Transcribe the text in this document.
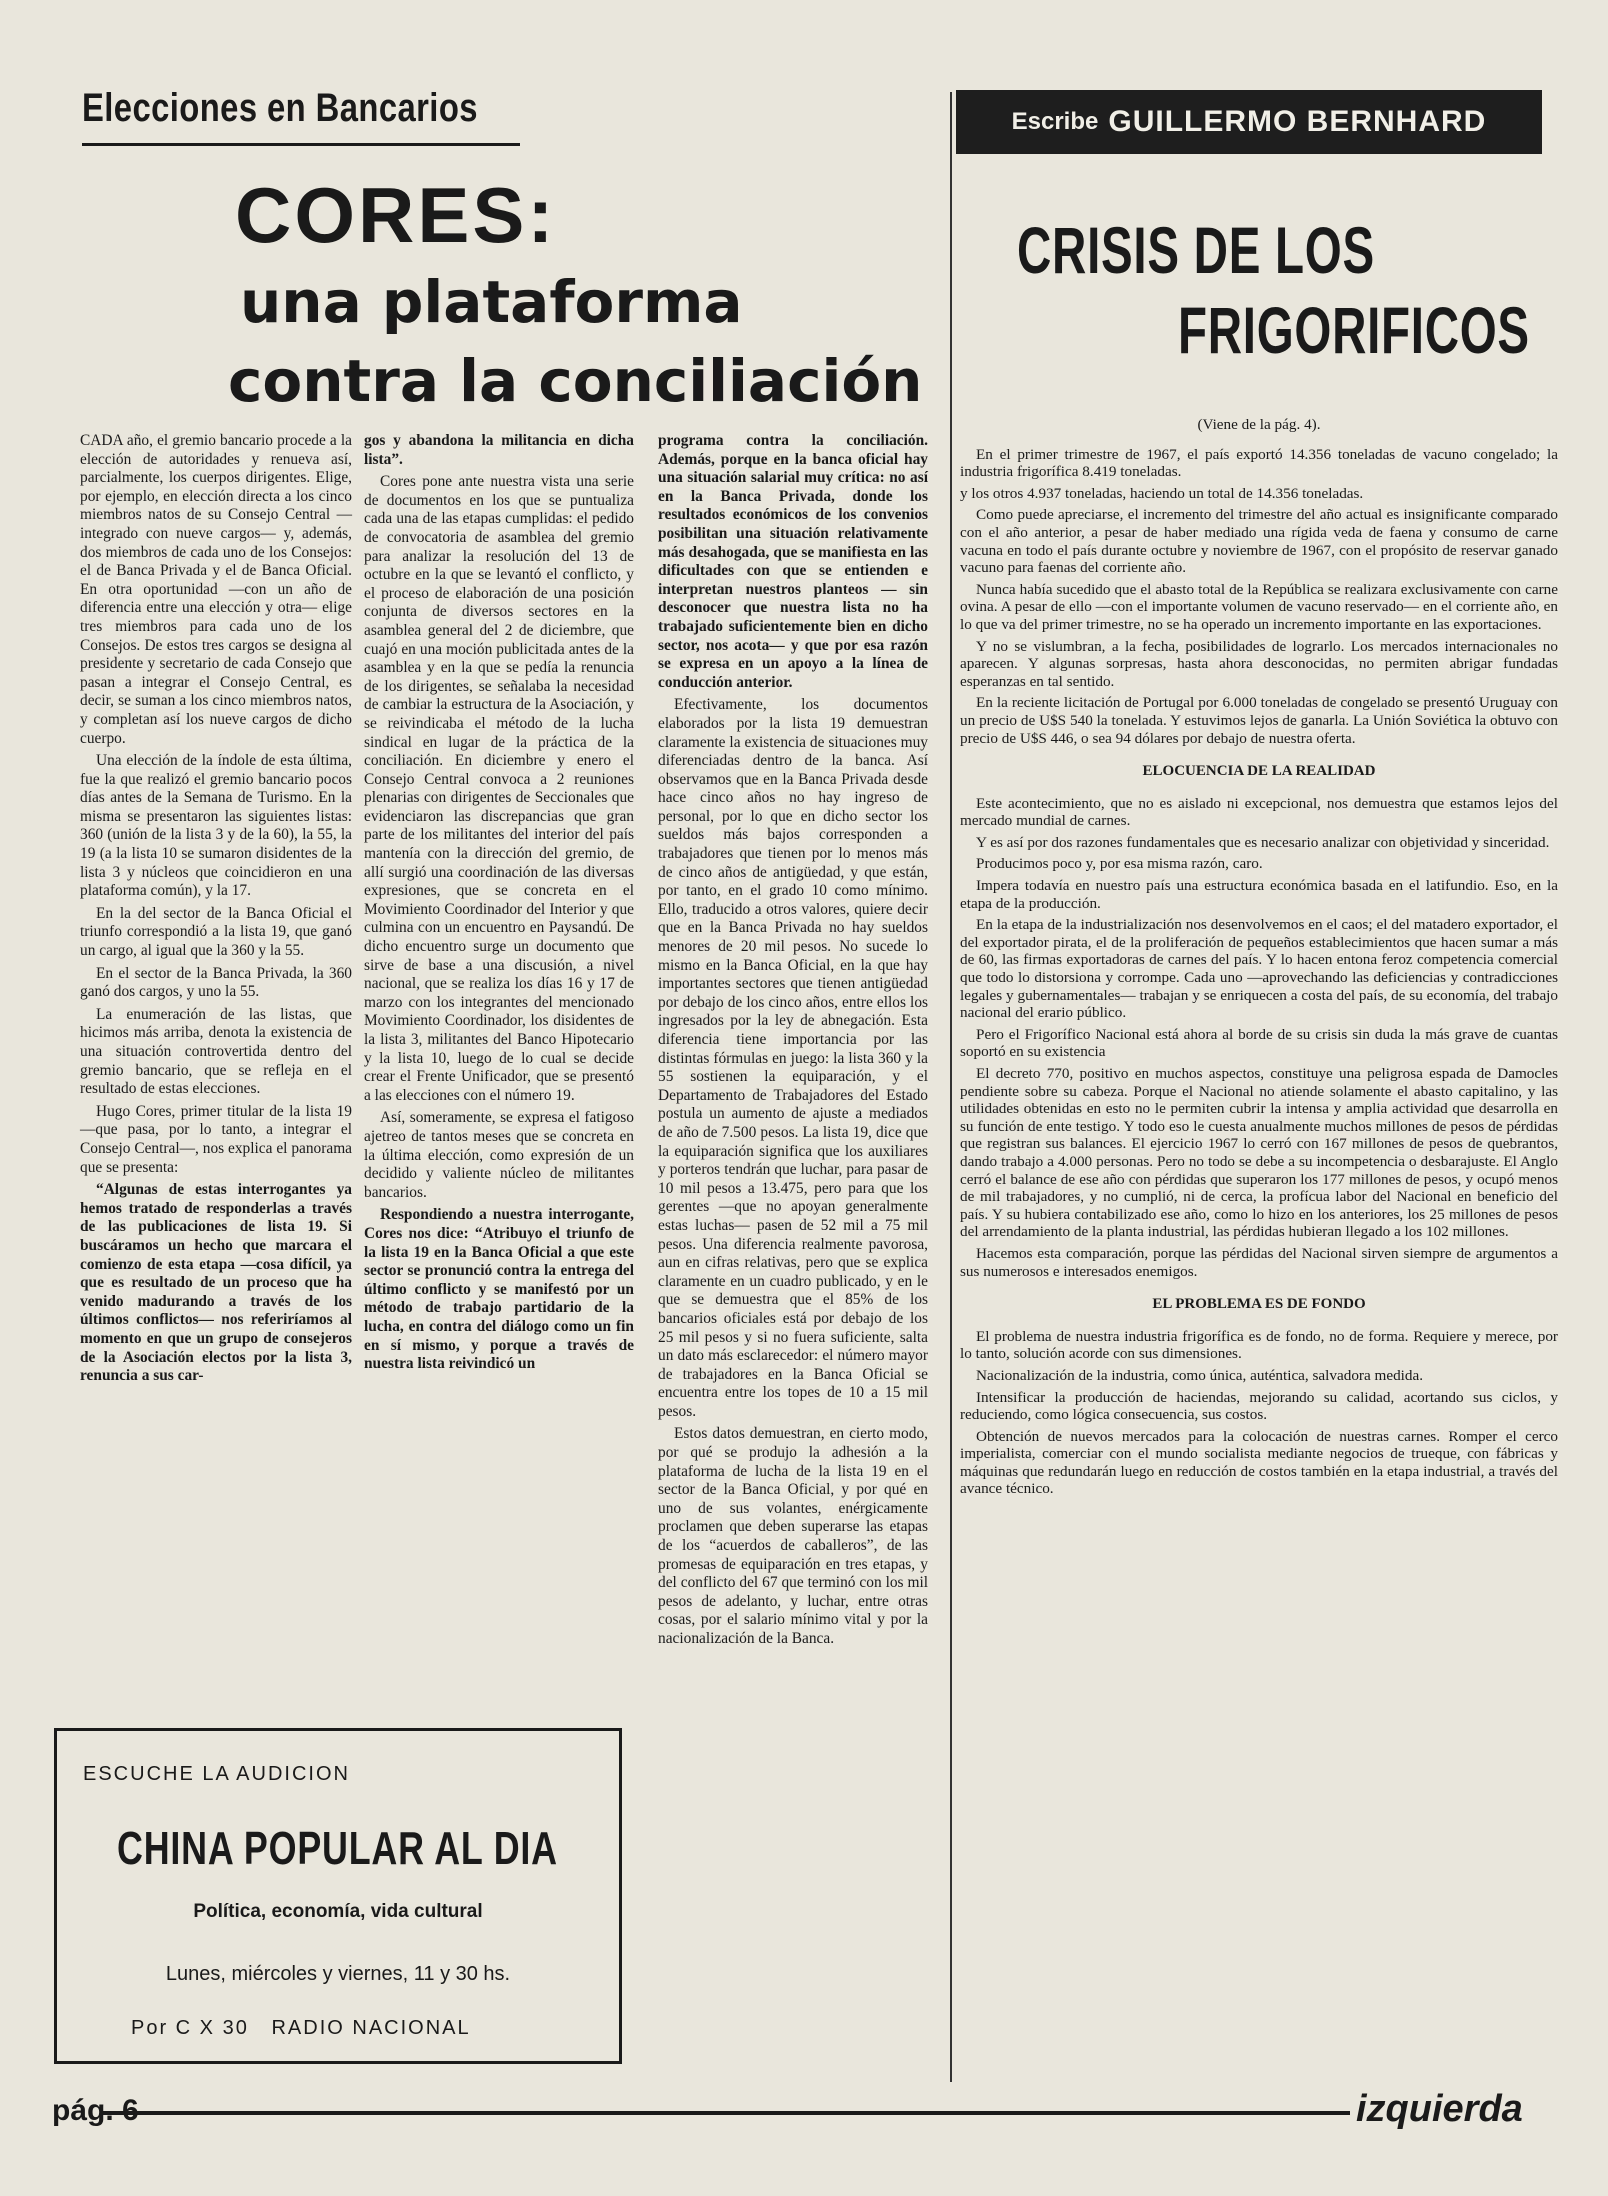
Elecciones en Bancarios
CORES:
una plataforma
contra la conciliación

CADA año, el gremio bancario procede a la elección de autoridades y renueva así, parcialmente, los cuerpos dirigentes. Elige, por ejemplo, en elección directa a los cinco miembros natos de su Consejo Central —integrado con nueve cargos— y, además, dos miembros de cada uno de los Consejos: el de Banca Privada y el de Banca Oficial. En otra oportunidad —con un año de diferencia entre una elección y otra— elige tres miembros para cada uno de los Consejos. De estos tres cargos se designa al presidente y secretario de cada Consejo que pasan a integrar el Consejo Central, es decir, se suman a los cinco miembros natos, y completan así los nueve cargos de dicho cuerpo.

Una elección de la índole de esta última, fue la que realizó el gremio bancario pocos días antes de la Semana de Turismo. En la misma se presentaron las siguientes listas: 360 (unión de la lista 3 y de la 60), la 55, la 19 (a la lista 10 se sumaron disidentes de la lista 3 y núcleos que coincidieron en una plataforma común), y la 17.

En la del sector de la Banca Oficial el triunfo correspondió a la lista 19, que ganó un cargo, al igual que la 360 y la 55.

En el sector de la Banca Privada, la 360 ganó dos cargos, y uno la 55.

La enumeración de las listas, que hicimos más arriba, denota la existencia de una situación controvertida dentro del gremio bancario, que se refleja en el resultado de estas elecciones.

Hugo Cores, primer titular de la lista 19 —que pasa, por lo tanto, a integrar el Consejo Central—, nos explica el panorama que se presenta:

“Algunas de estas interrogantes ya hemos tratado de responderlas a través de las publicaciones de lista 19. Si buscáramos un hecho que marcara el comienzo de esta etapa —cosa difícil, ya que es resultado de un proceso que ha venido madurando a través de los últimos conflictos— nos referiríamos al momento en que un grupo de consejeros de la Asociación electos por la lista 3, renuncia a sus car-

gos y abandona la militancia en dicha lista”.

Cores pone ante nuestra vista una serie de documentos en los que se puntualiza cada una de las etapas cumplidas: el pedido de convocatoria de asamblea del gremio para analizar la resolución del 13 de octubre en la que se levantó el conflicto, y el proceso de elaboración de una posición conjunta de diversos sectores en la asamblea general del 2 de diciembre, que cuajó en una moción publicitada antes de la asamblea y en la que se pedía la renuncia de los dirigentes, se señalaba la necesidad de cambiar la estructura de la Asociación, y se reivindicaba el método de la lucha sindical en lugar de la práctica de la conciliación. En diciembre y enero el Consejo Central convoca a 2 reuniones plenarias con dirigentes de Seccionales que evidenciaron las discrepancias que gran parte de los militantes del interior del país mantenía con la dirección del gremio, de allí surgió una coordinación de las diversas expresiones, que se concreta en el Movimiento Coordinador del Interior y que culmina con un encuentro en Paysandú. De dicho encuentro surge un documento que sirve de base a una discusión, a nivel nacional, que se realiza los días 16 y 17 de marzo con los integrantes del mencionado Movimiento Coordinador, los disidentes de la lista 3, militantes del Banco Hipotecario y la lista 10, luego de lo cual se decide crear el Frente Unificador, que se presentó a las elecciones con el número 19.

Así, someramente, se expresa el fatigoso ajetreo de tantos meses que se concreta en la última elección, como expresión de un decidido y valiente núcleo de militantes bancarios.

Respondiendo a nuestra interrogante, Cores nos dice: “Atribuyo el triunfo de la lista 19 en la Banca Oficial a que este sector se pronunció contra la entrega del último conflicto y se manifestó por un método de trabajo partidario de la lucha, en contra del diálogo como un fin en sí mismo, y porque a través de nuestra lista reivindicó un

programa contra la conciliación. Además, porque en la banca oficial hay una situación salarial muy crítica: no así en la Banca Privada, donde los resultados económicos de los convenios posibilitan una situación relativamente más desahogada, que se manifiesta en las dificultades con que se entienden e interpretan nuestros planteos — sin desconocer que nuestra lista no ha trabajado suficientemente bien en dicho sector, nos acota— y que por esa razón se expresa en un apoyo a la línea de conducción anterior.

Efectivamente, los documentos elaborados por la lista 19 demuestran claramente la existencia de situaciones muy diferenciadas dentro de la banca. Así observamos que en la Banca Privada desde hace cinco años no hay ingreso de personal, por lo que en dicho sector los sueldos más bajos corresponden a trabajadores que tienen por lo menos más de cinco años de antigüedad, y que están, por tanto, en el grado 10 como mínimo. Ello, traducido a otros valores, quiere decir que en la Banca Privada no hay sueldos menores de 20 mil pesos. No sucede lo mismo en la Banca Oficial, en la que hay importantes sectores que tienen antigüedad por debajo de los cinco años, entre ellos los ingresados por la ley de abnegación. Esta diferencia tiene importancia por las distintas fórmulas en juego: la lista 360 y la 55 sostienen la equiparación, y el Departamento de Trabajadores del Estado postula un aumento de ajuste a mediados de año de 7.500 pesos. La lista 19, dice que la equiparación significa que los auxiliares y porteros tendrán que luchar, para pasar de 10 mil pesos a 13.475, pero para que los gerentes —que no apoyan generalmente estas luchas— pasen de 52 mil a 75 mil pesos. Una diferencia realmente pavorosa, aun en cifras relativas, pero que se explica claramente en un cuadro publicado, y en le que se demuestra que el 85% de los bancarios oficiales está por debajo de los 25 mil pesos y si no fuera suficiente, salta un dato más esclarecedor: el número mayor de trabajadores en la Banca Oficial se encuentra entre los topes de 10 a 15 mil pesos.

Estos datos demuestran, en cierto modo, por qué se produjo la adhesión a la plataforma de lucha de la lista 19 en el sector de la Banca Oficial, y por qué en uno de sus volantes, enérgicamente proclamen que deben superarse las etapas de los “acuerdos de caballeros”, de las promesas de equiparación en tres etapas, y del conflicto del 67 que terminó con los mil pesos de adelanto, y luchar, entre otras cosas, por el salario mínimo vital y por la nacionalización de la Banca.

ESCUCHE LA AUDICION
CHINA POPULAR AL DIA
Política, economía, vida cultural
Lunes, miércoles y viernes, 11 y 30 hs.
Por C X 30   RADIO NACIONAL
Escribe GUILLERMO BERNHARD
CRISIS DE LOS
FRIGORIFICOS

(Viene de la pág. 4).

En el primer trimestre de 1967, el país exportó 14.356 toneladas de vacuno congelado; la industria frigorífica 8.419 toneladas.

y los otros 4.937 toneladas, haciendo un total de 14.356 toneladas.

Como puede apreciarse, el incremento del trimestre del año actual es insignificante comparado con el año anterior, a pesar de haber mediado una rígida veda de faena y consumo de carne vacuna en todo el país durante octubre y noviembre de 1967, con el propósito de reservar ganado vacuno para faenas del corriente año.

Nunca había sucedido que el abasto total de la República se realizara exclusivamente con carne ovina. A pesar de ello —con el importante volumen de vacuno reservado— en el corriente año, en lo que va del primer trimestre, no se ha operado un incremento importante en las exportaciones.

Y no se vislumbran, a la fecha, posibilidades de lograrlo. Los mercados internacionales no aparecen. Y algunas sorpresas, hasta ahora desconocidas, no permiten abrigar fundadas esperanzas en tal sentido.

En la reciente licitación de Portugal por 6.000 toneladas de congelado se presentó Uruguay con un precio de U$S 540 la tonelada. Y estuvimos lejos de ganarla. La Unión Soviética la obtuvo con precio de U$S 446, o sea 94 dólares por debajo de nuestra oferta.

ELOCUENCIA DE LA REALIDAD

Este acontecimiento, que no es aislado ni excepcional, nos demuestra que estamos lejos del mercado mundial de carnes.

Y es así por dos razones fundamentales que es necesario analizar con objetividad y sinceridad.

Producimos poco y, por esa misma razón, caro.

Impera todavía en nuestro país una estructura económica basada en el latifundio. Eso, en la etapa de la producción.

En la etapa de la industrialización nos desenvolvemos en el caos; el del matadero exportador, el del exportador pirata, el de la proliferación de pequeños establecimientos que hacen sumar a más de 60, las firmas exportadoras de carnes del país. Y lo hacen entona feroz competencia comercial que todo lo distorsiona y corrompe. Cada uno —aprovechando las deficiencias y contradicciones legales y gubernamentales— trabajan y se enriquecen a costa del país, de su economía, del trabajo nacional del erario público.

Pero el Frigorífico Nacional está ahora al borde de su crisis sin duda la más grave de cuantas soportó en su existencia

El decreto 770, positivo en muchos aspectos, constituye una peligrosa espada de Damocles pendiente sobre su cabeza. Porque el Nacional no atiende solamente el abasto capitalino, y las utilidades obtenidas en esto no le permiten cubrir la intensa y amplia actividad que desarrolla en su función de ente testigo. Y todo eso le cuesta anualmente muchos millones de pesos de pérdidas que registran sus balances. El ejercicio 1967 lo cerró con 167 millones de pesos de quebrantos, dando trabajo a 4.000 personas. Pero no todo se debe a su incompetencia o desbarajuste. El Anglo cerró el balance de ese año con pérdidas que superaron los 177 millones de pesos, y ocupó menos de mil trabajadores, y no cumplió, ni de cerca, la profícua labor del Nacional en beneficio del país. Y su hubiera contabilizado ese año, como lo hizo en los anteriores, los 25 millones de pesos del arrendamiento de la planta industrial, las pérdidas hubieran llegado a los 102 millones.

Hacemos esta comparación, porque las pérdidas del Nacional sirven siempre de argumentos a sus numerosos e interesados enemigos.

EL PROBLEMA ES DE FONDO

El problema de nuestra industria frigorífica es de fondo, no de forma. Requiere y merece, por lo tanto, solución acorde con sus dimensiones.

Nacionalización de la industria, como única, auténtica, salvadora medida.

Intensificar la producción de haciendas, mejorando su calidad, acortando sus ciclos, y reduciendo, como lógica consecuencia, sus costos.

Obtención de nuevos mercados para la colocación de nuestras carnes. Romper el cerco imperialista, comerciar con el mundo socialista mediante negocios de trueque, con fábricas y máquinas que redundarán luego en reducción de costos también en la etapa industrial, a través del avance técnico.

pág. 6	izquierda
